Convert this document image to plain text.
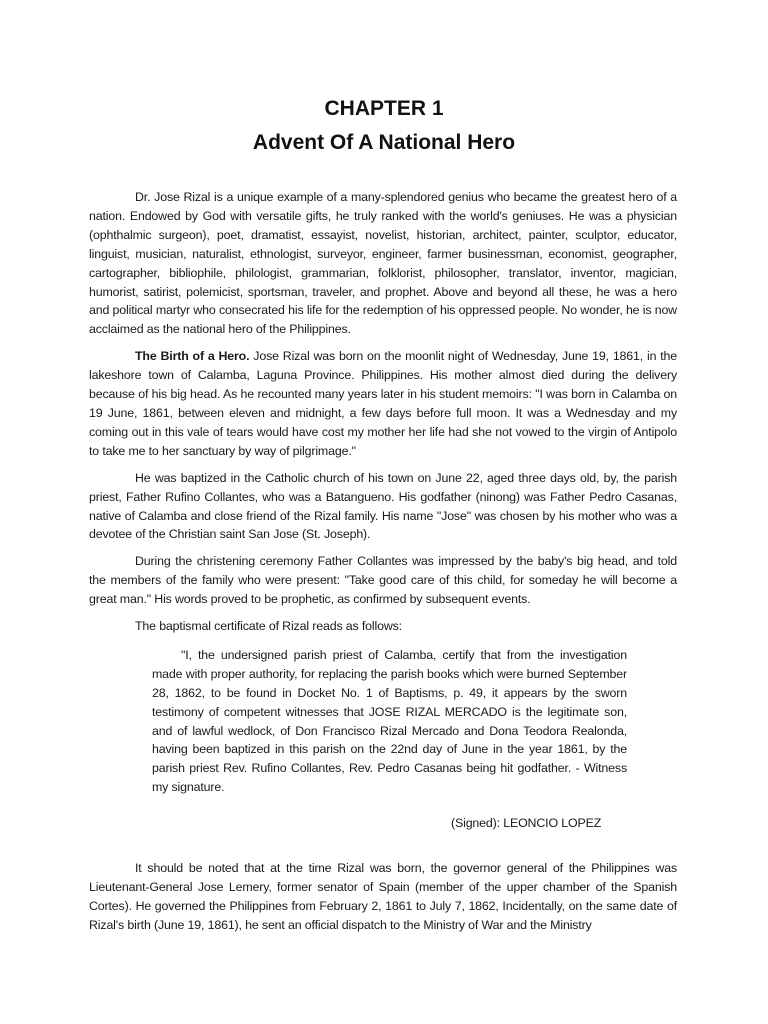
CHAPTER 1
Advent Of A National Hero

Dr. Jose Rizal is a unique example of a many-splendored genius who became the greatest hero of a nation. Endowed by God with versatile gifts, he truly ranked with the world's geniuses. He was a physician (ophthalmic surgeon), poet, dramatist, essayist, novelist, historian, architect, painter, sculptor, educator, linguist, musician, naturalist, ethnologist, surveyor, engineer, farmer businessman, economist, geographer, cartographer, bibliophile, philologist, grammarian, folklorist, philosopher, translator, inventor, magician, humorist, satirist, polemicist, sportsman, traveler, and prophet. Above and beyond all these, he was a hero and political martyr who consecrated his life for the redemption of his oppressed people. No wonder, he is now acclaimed as the national hero of the Philippines.

The Birth of a Hero. Jose Rizal was born on the moonlit night of Wednesday, June 19, 1861, in the lakeshore town of Calamba, Laguna Province. Philippines. His mother almost died during the delivery because of his big head. As he recounted many years later in his student memoirs: "I was born in Calamba on 19 June, 1861, between eleven and midnight, a few days before full moon. It was a Wednesday and my coming out in this vale of tears would have cost my mother her life had she not vowed to the virgin of Antipolo to take me to her sanctuary by way of pilgrimage."

He was baptized in the Catholic church of his town on June 22, aged three days old, by, the parish priest, Father Rufino Collantes, who was a Batangueno. His godfather (ninong) was Father Pedro Casanas, native of Calamba and close friend of the Rizal family. His name "Jose" was chosen by his mother who was a devotee of the Christian saint San Jose (St. Joseph).

During the christening ceremony Father Collantes was impressed by the baby's big head, and told the members of the family who were present: "Take good care of this child, for someday he will become a great man." His words proved to be prophetic, as confirmed by subsequent events.

The baptismal certificate of Rizal reads as follows:

"I, the undersigned parish priest of Calamba, certify that from the investigation made with proper authority, for replacing the parish books which were burned September 28, 1862, to be found in Docket No. 1 of Baptisms, p. 49, it appears by the sworn testimony of competent witnesses that JOSE RIZAL MERCADO is the legitimate son, and of lawful wedlock, of Don Francisco Rizal Mercado and Dona Teodora Realonda, having been baptized in this parish on the 22nd day of June in the year 1861, by the parish priest Rev. Rufino Collantes, Rev. Pedro Casanas being hit godfather. - Witness my signature.

(Signed): LEONCIO LOPEZ

It should be noted that at the time Rizal was born, the governor general of the Philippines was Lieutenant-General Jose Lemery, former senator of Spain (member of the upper chamber of the Spanish Cortes). He governed the Philippines from February 2, 1861 to July 7, 1862, Incidentally, on the same date of Rizal's birth (June 19, 1861), he sent an official dispatch to the Ministry of War and the Ministry
